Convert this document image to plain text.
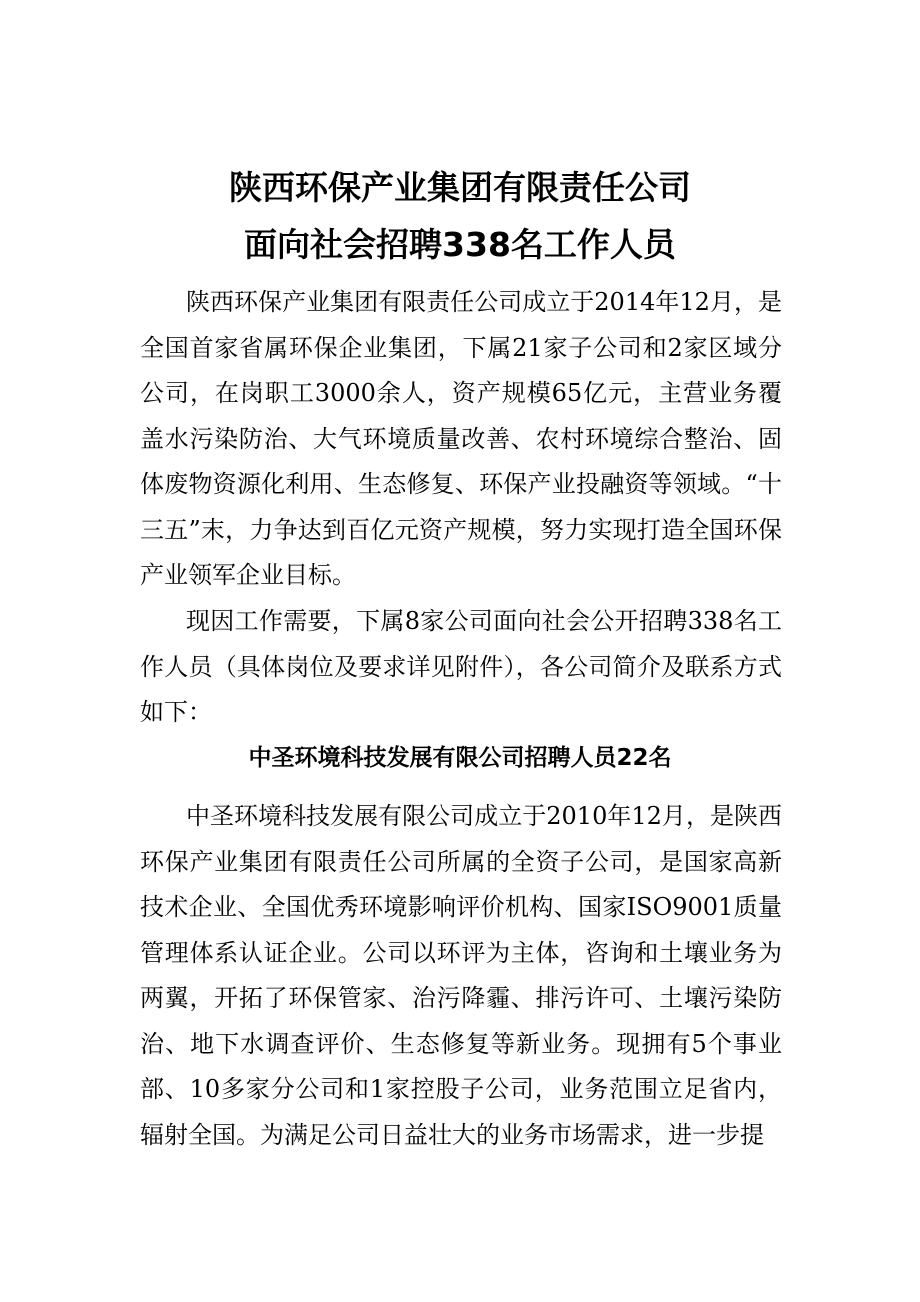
陕西环保产业集团有限责任公司
面向社会招聘338名工作人员
陕西环保产业集团有限责任公司成立于2014年12月，是全国首家省属环保企业集团，下属21家子公司和2家区域分公司，在岗职工3000余人，资产规模65亿元，主营业务覆盖水污染防治、大气环境质量改善、农村环境综合整治、固体废物资源化利用、生态修复、环保产业投融资等领域。“十三五”末，力争达到百亿元资产规模，努力实现打造全国环保产业领军企业目标。
现因工作需要，下属8家公司面向社会公开招聘338名工作人员（具体岗位及要求详见附件），各公司简介及联系方式如下：
中圣环境科技发展有限公司招聘人员22名
中圣环境科技发展有限公司成立于2010年12月，是陕西环保产业集团有限责任公司所属的全资子公司，是国家高新技术企业、全国优秀环境影响评价机构、国家ISO9001质量管理体系认证企业。公司以环评为主体，咨询和土壤业务为两翼，开拓了环保管家、治污降霾、排污许可、土壤污染防治、地下水调查评价、生态修复等新业务。现拥有5个事业部、10多家分公司和1家控股子公司，业务范围立足省内，辐射全国。为满足公司日益壮大的业务市场需求，进一步提
